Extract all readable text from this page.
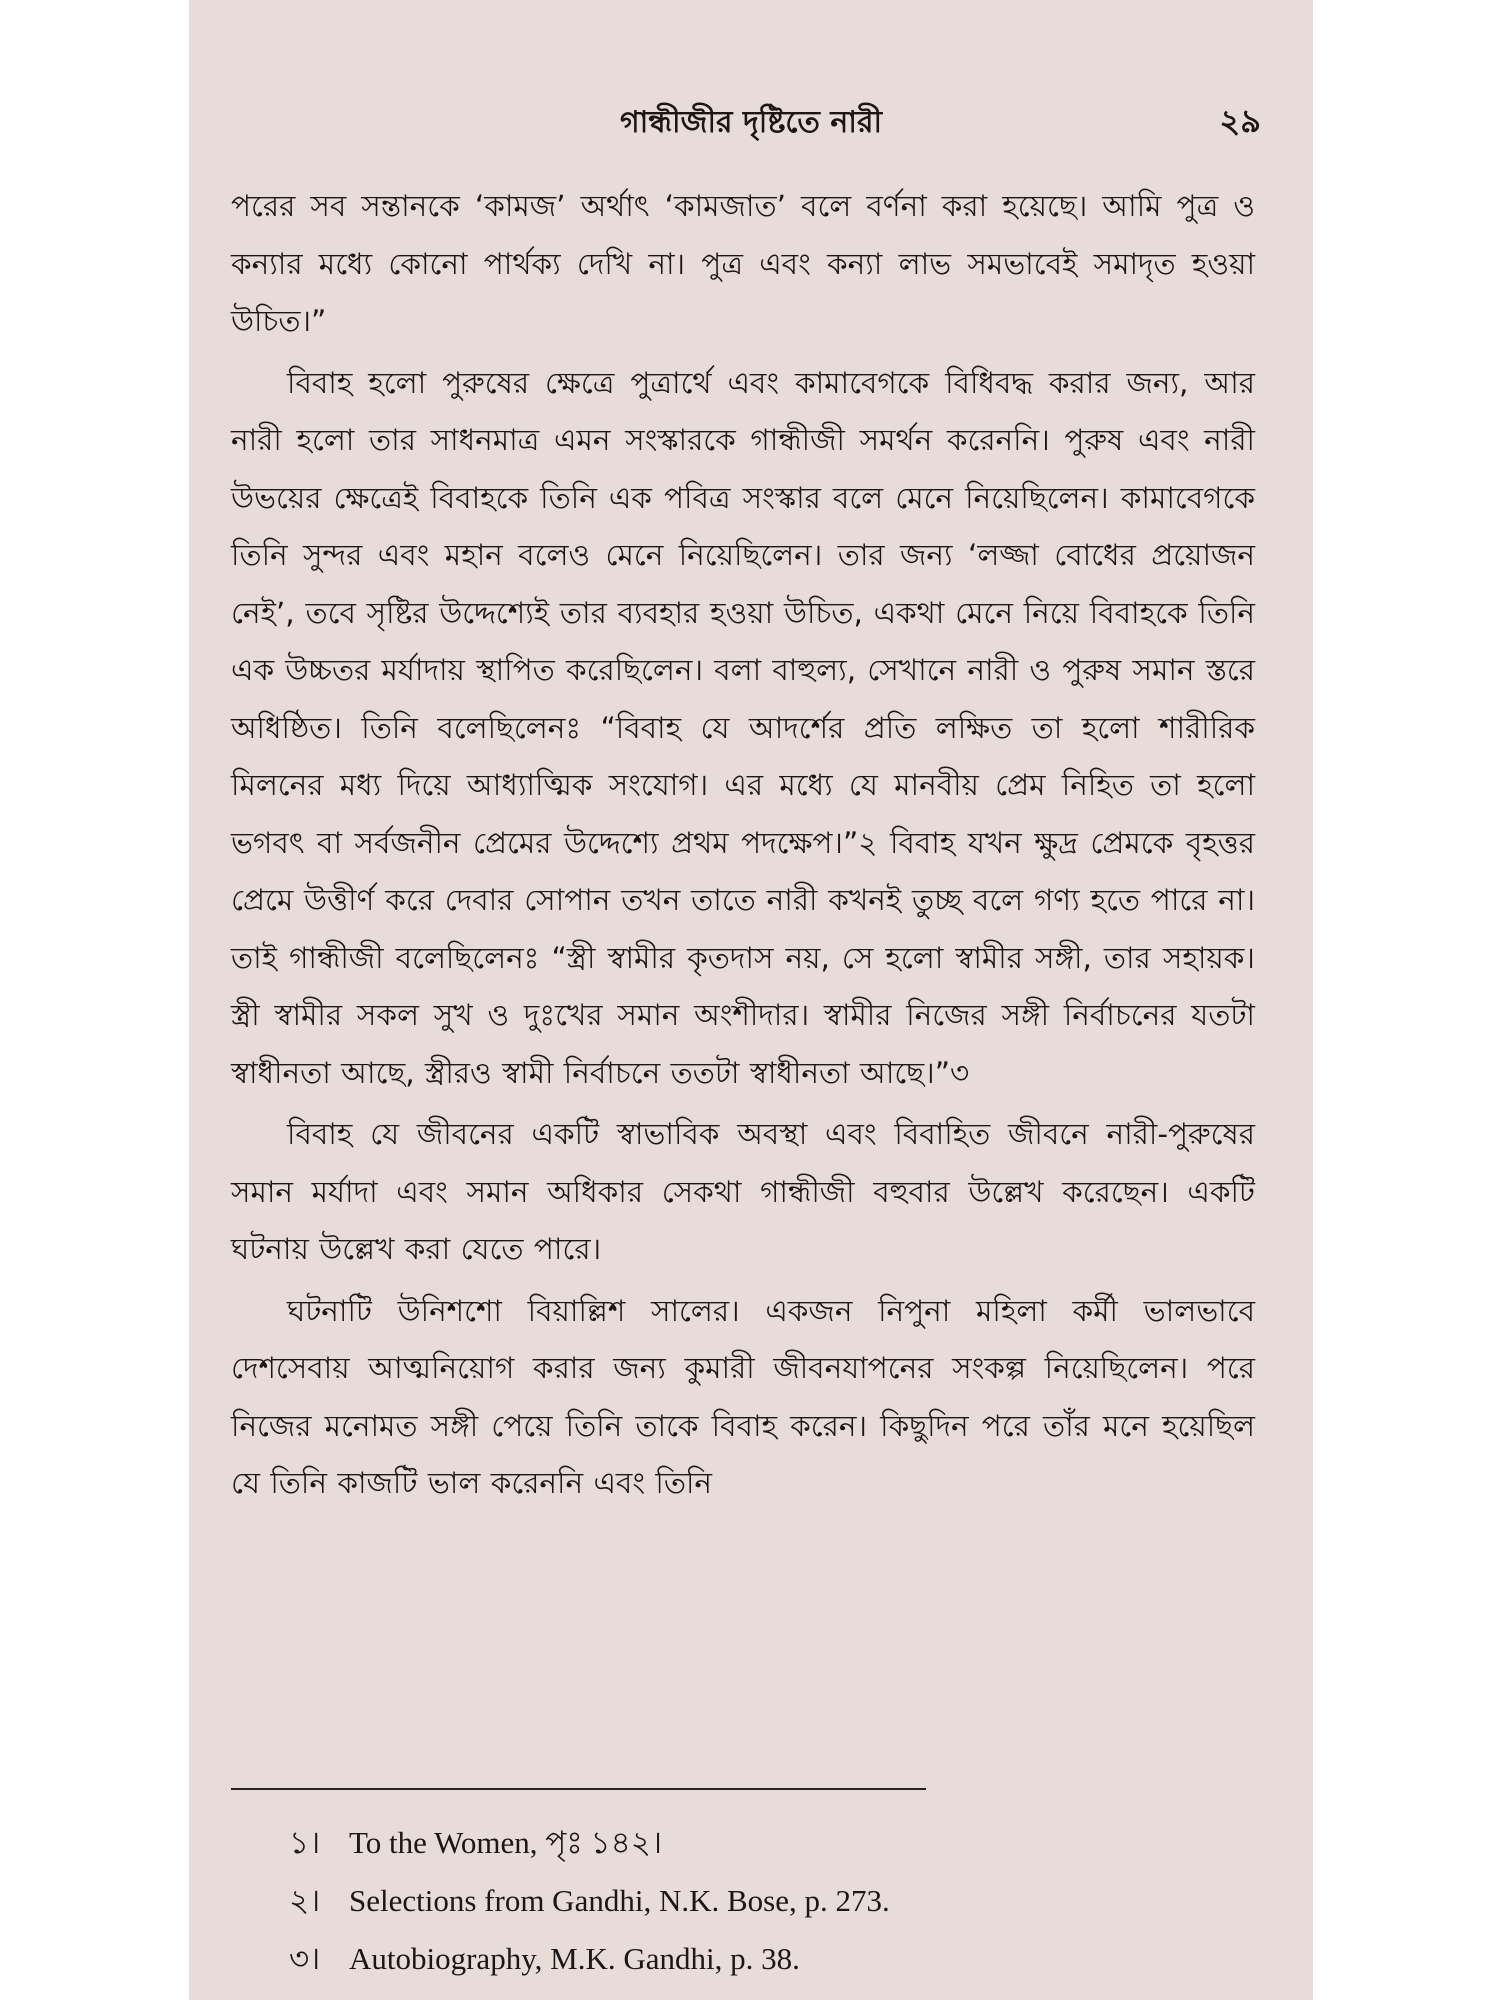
গান্ধীজীর দৃষ্টিতে নারী	২৯

পরের সব সন্তানকে ‘কামজ’ অর্থাৎ ‘কামজাত’ বলে বর্ণনা করা হয়েছে। আমি পুত্র ও কন্যার মধ্যে কোনো পার্থক্য দেখি না। পুত্র এবং কন্যা লাভ সমভাবেই সমাদৃত হওয়া উচিত।”

বিবাহ হলো পুরুষের ক্ষেত্রে পুত্রার্থে এবং কামাবেগকে বিধিবদ্ধ করার জন্য, আর নারী হলো তার সাধনমাত্র এমন সংস্কারকে গান্ধীজী সমর্থন করেননি। পুরুষ এবং নারী উভয়ের ক্ষেত্রেই বিবাহকে তিনি এক পবিত্র সংস্কার বলে মেনে নিয়েছিলেন। কামাবেগকে তিনি সুন্দর এবং মহান বলেও মেনে নিয়েছিলেন। তার জন্য ‘লজ্জা বোধের প্রয়োজন নেই’, তবে সৃষ্টির উদ্দেশ্যেই তার ব্যবহার হওয়া উচিত, একথা মেনে নিয়ে বিবাহকে তিনি এক উচ্চতর মর্যাদায় স্থাপিত করেছিলেন। বলা বাহুল্য, সেখানে নারী ও পুরুষ সমান স্তরে অধিষ্ঠিত। তিনি বলেছিলেনঃ “বিবাহ যে আদর্শের প্রতি লক্ষিত তা হলো শারীরিক মিলনের মধ্য দিয়ে আধ্যাত্মিক সংযোগ। এর মধ্যে যে মানবীয় প্রেম নিহিত তা হলো ভগবৎ বা সর্বজনীন প্রেমের উদ্দেশ্যে প্রথম পদক্ষেপ।”২ বিবাহ যখন ক্ষুদ্র প্রেমকে বৃহত্তর প্রেমে উত্তীর্ণ করে দেবার সোপান তখন তাতে নারী কখনই তুচ্ছ বলে গণ্য হতে পারে না। তাই গান্ধীজী বলেছিলেনঃ “স্ত্রী স্বামীর কৃতদাস নয়, সে হলো স্বামীর সঙ্গী, তার সহায়ক। স্ত্রী স্বামীর সকল সুখ ও দুঃখের সমান অংশীদার। স্বামীর নিজের সঙ্গী নির্বাচনের যতটা স্বাধীনতা আছে, স্ত্রীরও স্বামী নির্বাচনে ততটা স্বাধীনতা আছে।”৩

বিবাহ যে জীবনের একটি স্বাভাবিক অবস্থা এবং বিবাহিত জীবনে নারী-পুরুষের সমান মর্যাদা এবং সমান অধিকার সেকথা গান্ধীজী বহুবার উল্লেখ করেছেন। একটি ঘটনায় উল্লেখ করা যেতে পারে।

ঘটনাটি উনিশশো বিয়াল্লিশ সালের। একজন নিপুনা মহিলা কর্মী ভালভাবে দেশসেবায় আত্মনিয়োগ করার জন্য কুমারী জীবনযাপনের সংকল্প নিয়েছিলেন। পরে নিজের মনোমত সঙ্গী পেয়ে তিনি তাকে বিবাহ করেন। কিছুদিন পরে তাঁর মনে হয়েছিল যে তিনি কাজটি ভাল করেননি এবং তিনি

১। To the Women, পৃঃ ১৪২।
২। Selections from Gandhi, N.K. Bose, p. 273.
৩। Autobiography, M.K. Gandhi, p. 38.
